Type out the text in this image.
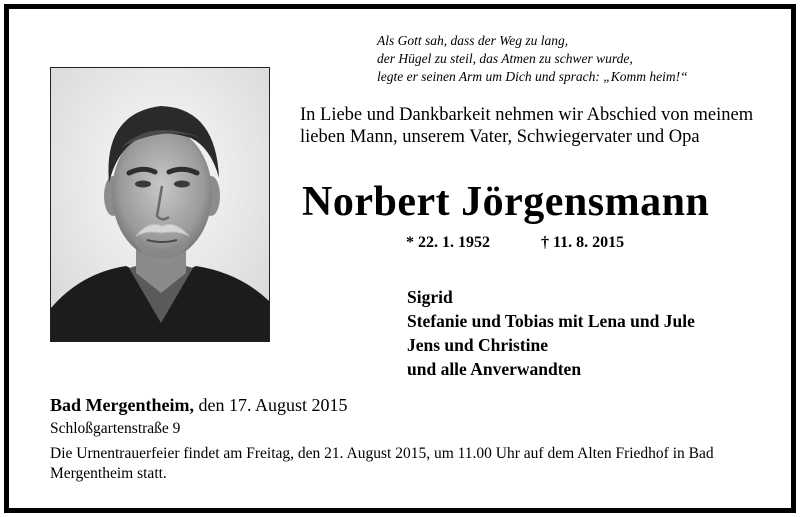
Als Gott sah, dass der Weg zu lang,
der Hügel zu steil, das Atmen zu schwer wurde,
legte er seinen Arm um Dich und sprach: „Komm heim!“
In Liebe und Dankbarkeit nehmen wir Abschied von meinem lieben Mann, unserem Vater, Schwiegervater und Opa
Norbert Jörgensmann
* 22. 1. 1952	† 11. 8. 2015
Sigrid
Stefanie und Tobias mit Lena und Jule
Jens und Christine
und alle Anverwandten
Bad Mergentheim, den 17. August 2015
Schloßgartenstraße 9
Die Urnentrauerfeier findet am Freitag, den 21. August 2015, um 11.00 Uhr auf dem Alten Friedhof in Bad Mergentheim statt.
